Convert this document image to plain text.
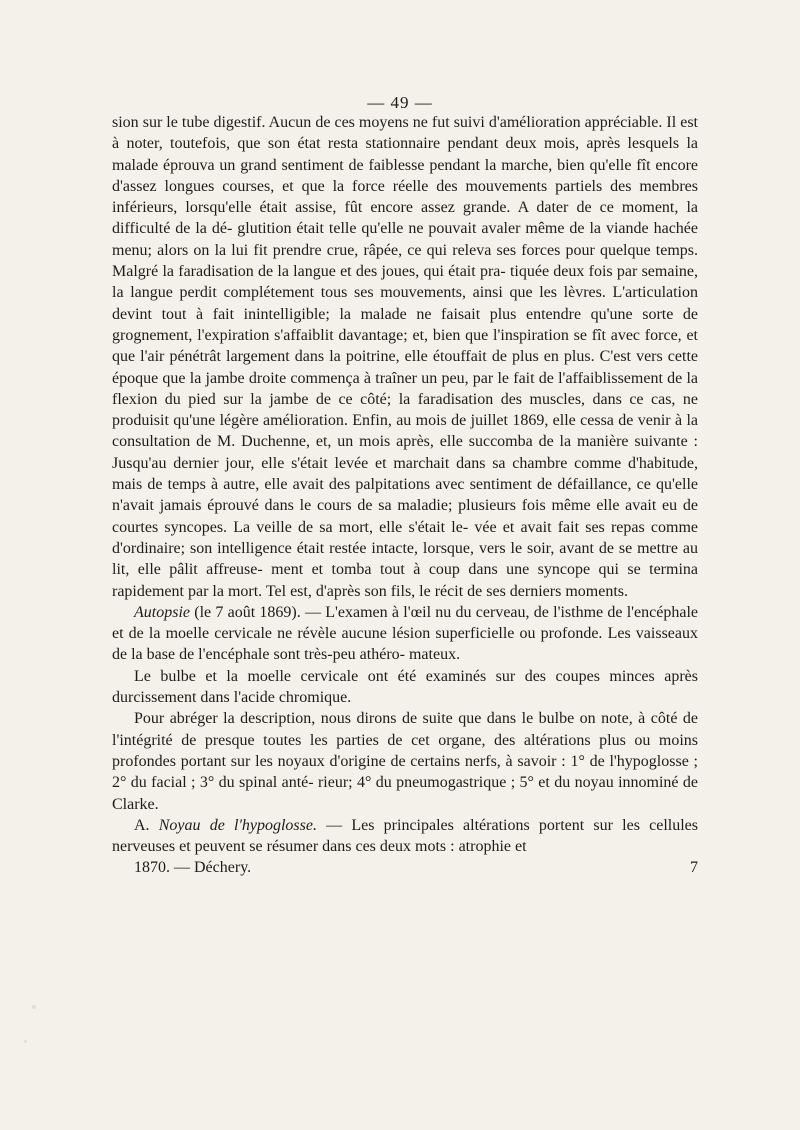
— 49 —

sion sur le tube digestif. Aucun de ces moyens ne fut suivi d'amélioration appréciable. Il est à noter, toutefois, que son état resta stationnaire pendant deux mois, après lesquels la malade éprouva un grand sentiment de faiblesse pendant la marche, bien qu'elle fît encore d'assez longues courses, et que la force réelle des mouvements partiels des membres inférieurs, lorsqu'elle était assise, fût encore assez grande. A dater de ce moment, la difficulté de la dé- glutition était telle qu'elle ne pouvait avaler même de la viande hachée menu; alors on la lui fit prendre crue, râpée, ce qui releva ses forces pour quelque temps. Malgré la faradisation de la langue et des joues, qui était pra- tiquée deux fois par semaine, la langue perdit complétement tous ses mouvements, ainsi que les lèvres. L'articulation devint tout à fait inintelligible; la malade ne faisait plus entendre qu'une sorte de grognement, l'expiration s'affaiblit davantage; et, bien que l'inspiration se fît avec force, et que l'air pénétrât largement dans la poitrine, elle étouffait de plus en plus. C'est vers cette époque que la jambe droite commença à traîner un peu, par le fait de l'affaiblissement de la flexion du pied sur la jambe de ce côté; la faradisation des muscles, dans ce cas, ne produisit qu'une légère amélioration. Enfin, au mois de juillet 1869, elle cessa de venir à la consultation de M. Duchenne, et, un mois après, elle succomba de la manière suivante : Jusqu'au dernier jour, elle s'était levée et marchait dans sa chambre comme d'habitude, mais de temps à autre, elle avait des palpitations avec sentiment de défaillance, ce qu'elle n'avait jamais éprouvé dans le cours de sa maladie; plusieurs fois même elle avait eu de courtes syncopes. La veille de sa mort, elle s'était le- vée et avait fait ses repas comme d'ordinaire; son intelligence était restée intacte, lorsque, vers le soir, avant de se mettre au lit, elle pâlit affreuse- ment et tomba tout à coup dans une syncope qui se termina rapidement par la mort. Tel est, d'après son fils, le récit de ses derniers moments.

Autopsie (le 7 août 1869). — L'examen à l'œil nu du cerveau, de l'isthme de l'encéphale et de la moelle cervicale ne révèle aucune lésion superficielle ou profonde. Les vaisseaux de la base de l'encéphale sont très-peu athéro- mateux.

Le bulbe et la moelle cervicale ont été examinés sur des coupes minces après durcissement dans l'acide chromique.

Pour abréger la description, nous dirons de suite que dans le bulbe on note, à côté de l'intégrité de presque toutes les parties de cet organe, des altérations plus ou moins profondes portant sur les noyaux d'origine de certains nerfs, à savoir : 1° de l'hypoglosse ; 2° du facial ; 3° du spinal anté- rieur; 4° du pneumogastrique ; 5° et du noyau innominé de Clarke.

A. Noyau de l'hypoglosse. — Les principales altérations portent sur les cellules nerveuses et peuvent se résumer dans ces deux mots : atrophie et

1870. — Déchery.	7
